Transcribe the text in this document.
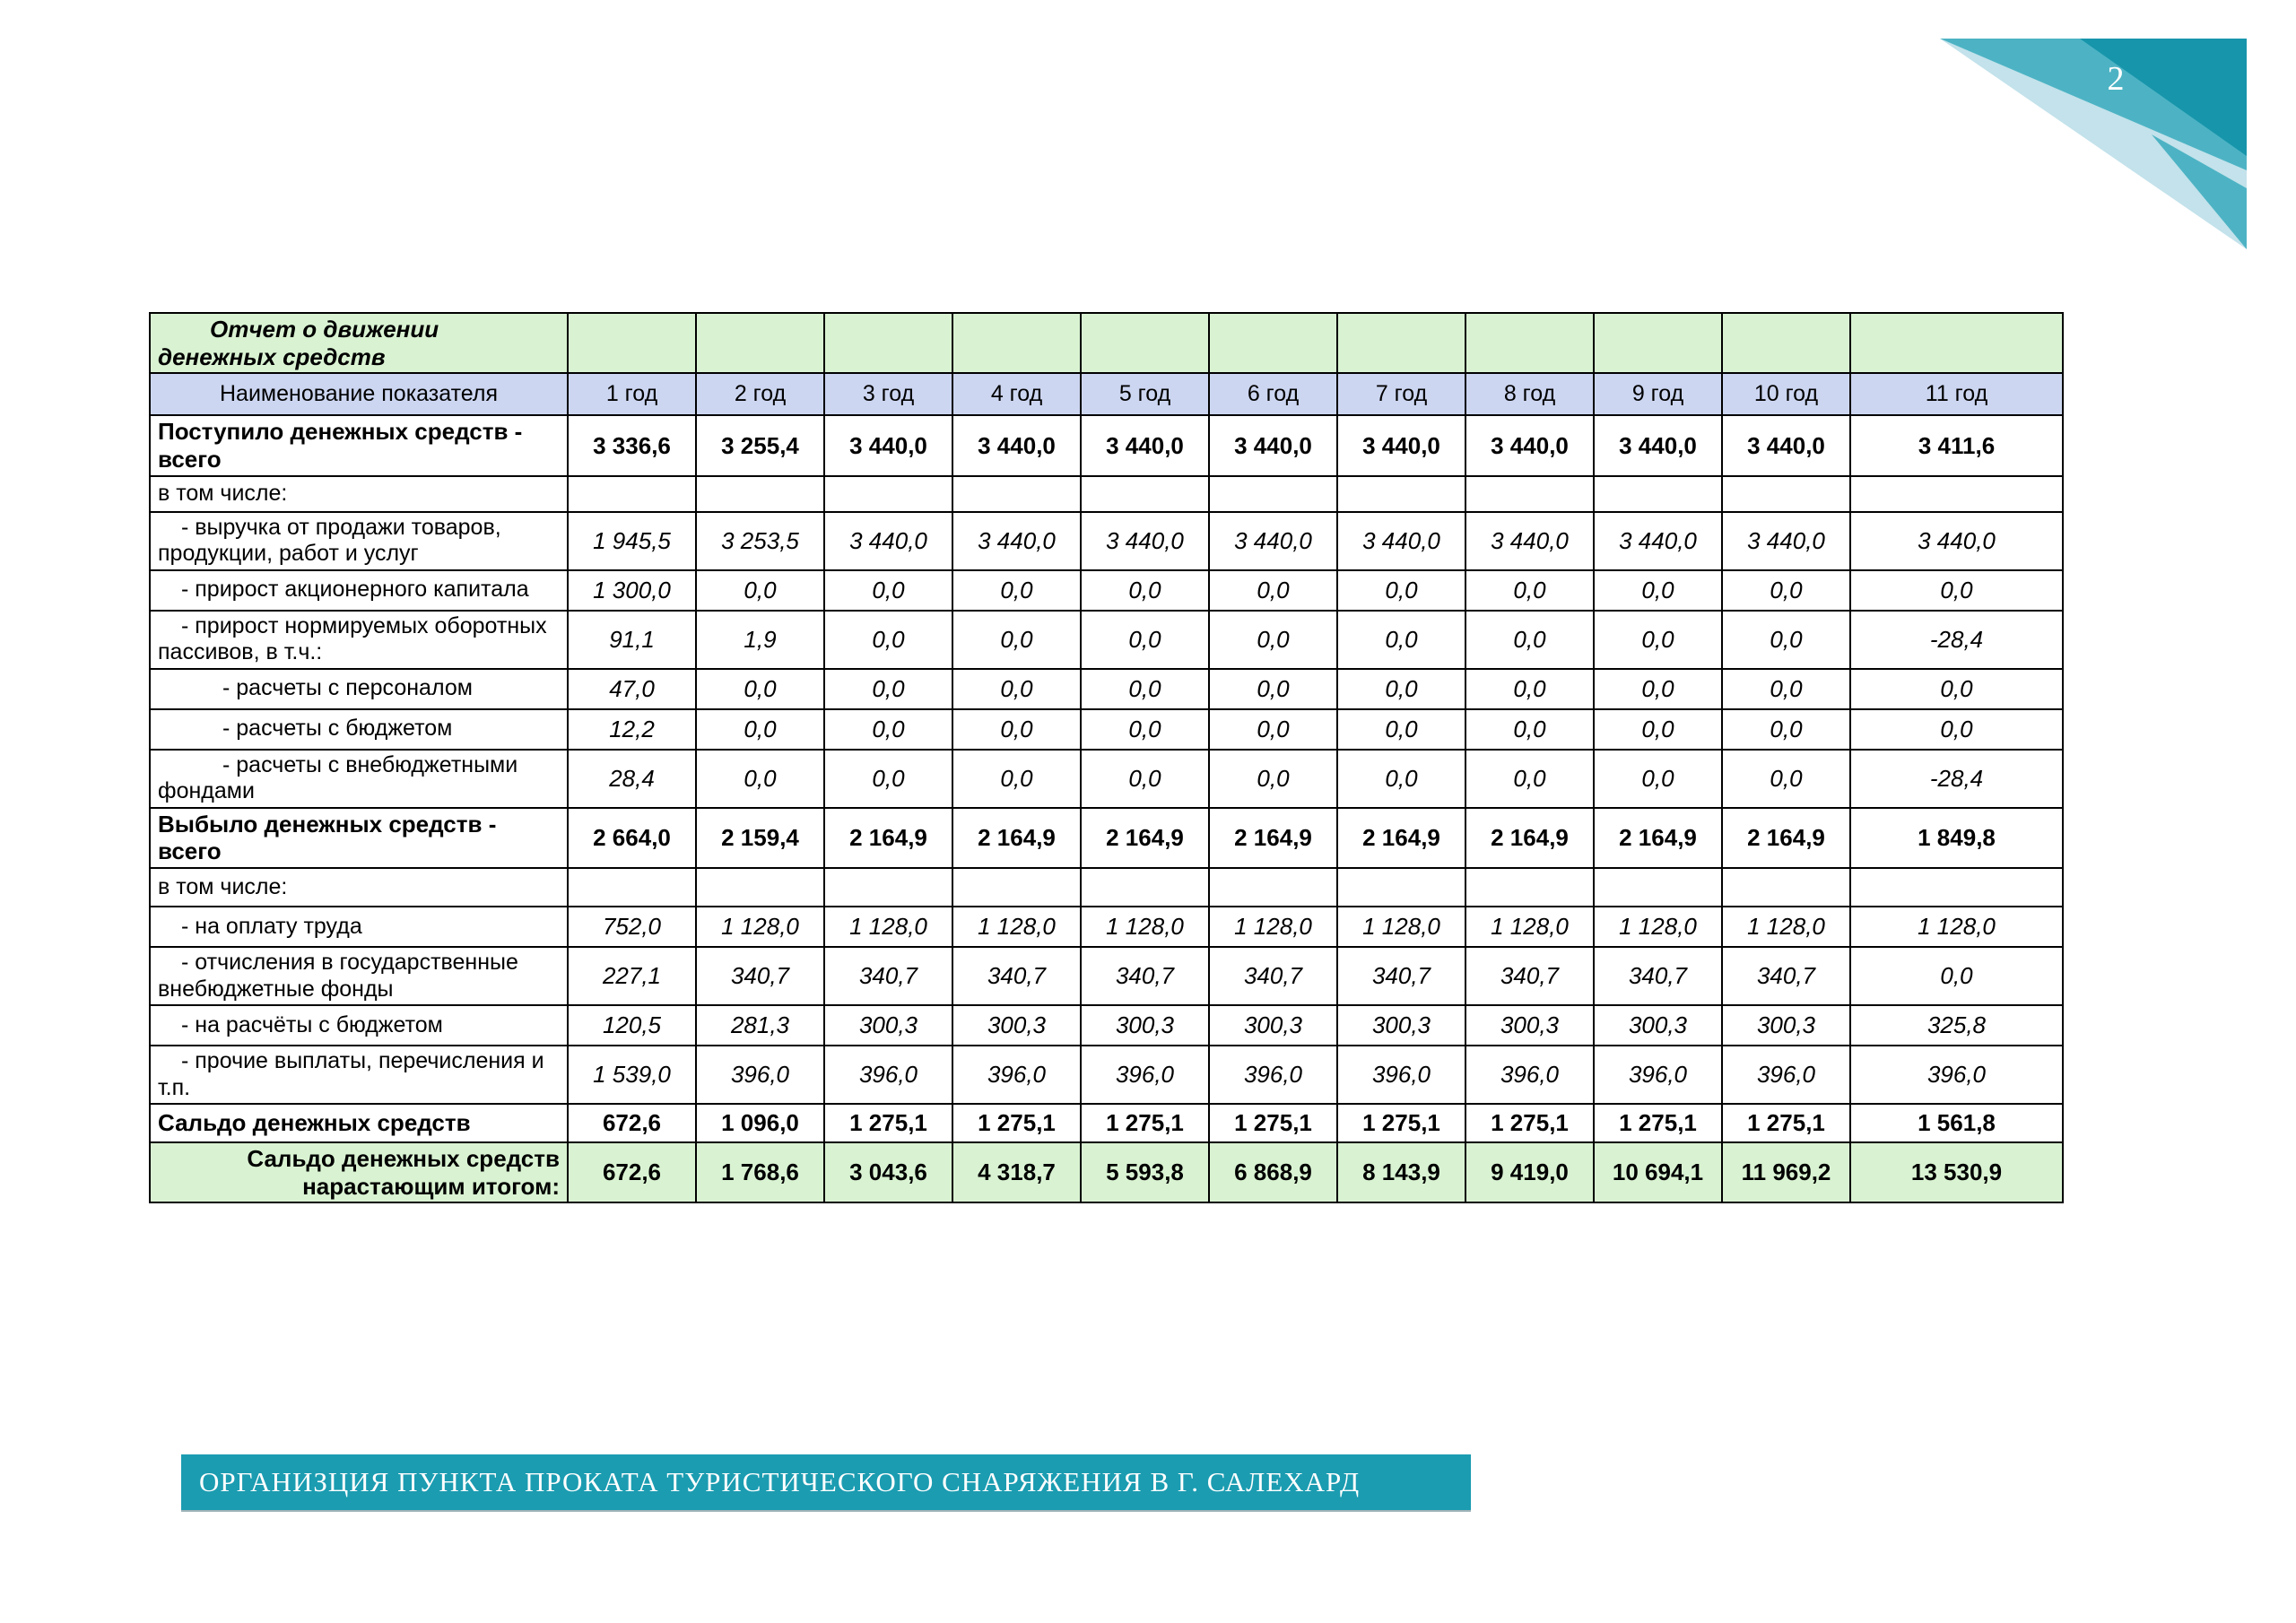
2
Отчет о движении денежных средств											
Наименование показателя	1 год	2 год	3 год	4 год	5 год	6 год	7 год	8 год	9 год	10 год	11 год
Поступило денежных средств - всего	3 336,6	3 255,4	3 440,0	3 440,0	3 440,0	3 440,0	3 440,0	3 440,0	3 440,0	3 440,0	3 411,6
в том числе:											
- выручка от продажи товаров, продукции, работ и услуг	1 945,5	3 253,5	3 440,0	3 440,0	3 440,0	3 440,0	3 440,0	3 440,0	3 440,0	3 440,0	3 440,0
- прирост акционерного капитала	1 300,0	0,0	0,0	0,0	0,0	0,0	0,0	0,0	0,0	0,0	0,0
- прирост нормируемых оборотных пассивов, в т.ч.:	91,1	1,9	0,0	0,0	0,0	0,0	0,0	0,0	0,0	0,0	-28,4
- расчеты с персоналом	47,0	0,0	0,0	0,0	0,0	0,0	0,0	0,0	0,0	0,0	0,0
- расчеты с бюджетом	12,2	0,0	0,0	0,0	0,0	0,0	0,0	0,0	0,0	0,0	0,0
- расчеты с внебюджетными фондами	28,4	0,0	0,0	0,0	0,0	0,0	0,0	0,0	0,0	0,0	-28,4
Выбыло денежных средств - всего	2 664,0	2 159,4	2 164,9	2 164,9	2 164,9	2 164,9	2 164,9	2 164,9	2 164,9	2 164,9	1 849,8
в том числе:											
- на оплату труда	752,0	1 128,0	1 128,0	1 128,0	1 128,0	1 128,0	1 128,0	1 128,0	1 128,0	1 128,0	1 128,0
- отчисления в государственные внебюджетные фонды	227,1	340,7	340,7	340,7	340,7	340,7	340,7	340,7	340,7	340,7	0,0
- на расчёты с бюджетом	120,5	281,3	300,3	300,3	300,3	300,3	300,3	300,3	300,3	300,3	325,8
- прочие выплаты, перечисления и т.п.	1 539,0	396,0	396,0	396,0	396,0	396,0	396,0	396,0	396,0	396,0	396,0
Сальдо денежных средств	672,6	1 096,0	1 275,1	1 275,1	1 275,1	1 275,1	1 275,1	1 275,1	1 275,1	1 275,1	1 561,8
Сальдо денежных средств нарастающим итогом:	672,6	1 768,6	3 043,6	4 318,7	5 593,8	6 868,9	8 143,9	9 419,0	10 694,1	11 969,2	13 530,9
ОРГАНИЗЦИЯ ПУНКТА ПРОКАТА ТУРИСТИЧЕСКОГО СНАРЯЖЕНИЯ В Г. САЛЕХАРД
